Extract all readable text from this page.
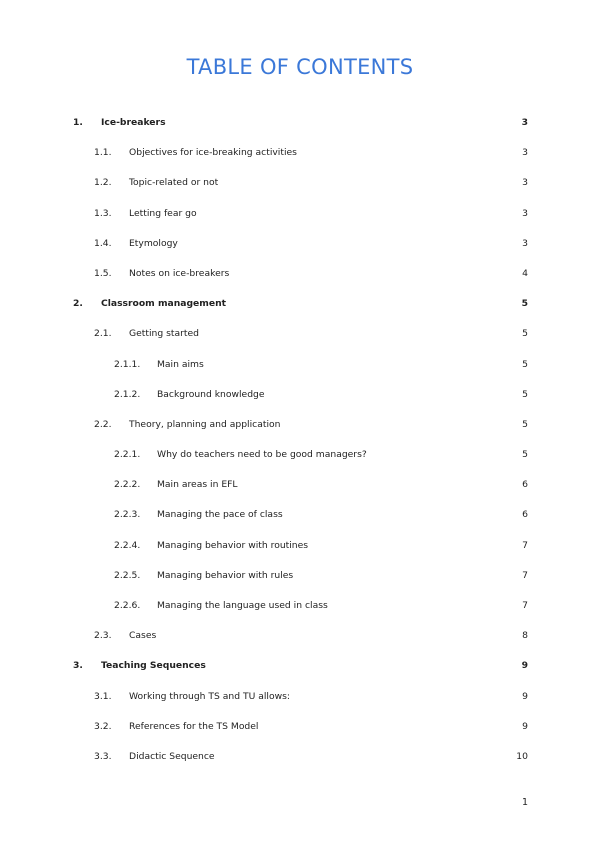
TABLE OF CONTENTS
1. Ice-breakers	3
1.1. Objectives for ice-breaking activities	3
1.2. Topic-related or not	3
1.3. Letting fear go	3
1.4. Etymology	3
1.5. Notes on ice-breakers	4
2. Classroom management	5
2.1. Getting started	5
2.1.1. Main aims	5
2.1.2. Background knowledge	5
2.2. Theory, planning and application	5
2.2.1. Why do teachers need to be good managers?	5
2.2.2. Main areas in EFL	6
2.2.3. Managing the pace of class	6
2.2.4. Managing behavior with routines	7
2.2.5. Managing behavior with rules	7
2.2.6. Managing the language used in class	7
2.3. Cases	8
3. Teaching Sequences	9
3.1. Working through TS and TU allows:	9
3.2. References for the TS Model	9
3.3. Didactic Sequence	10
1
